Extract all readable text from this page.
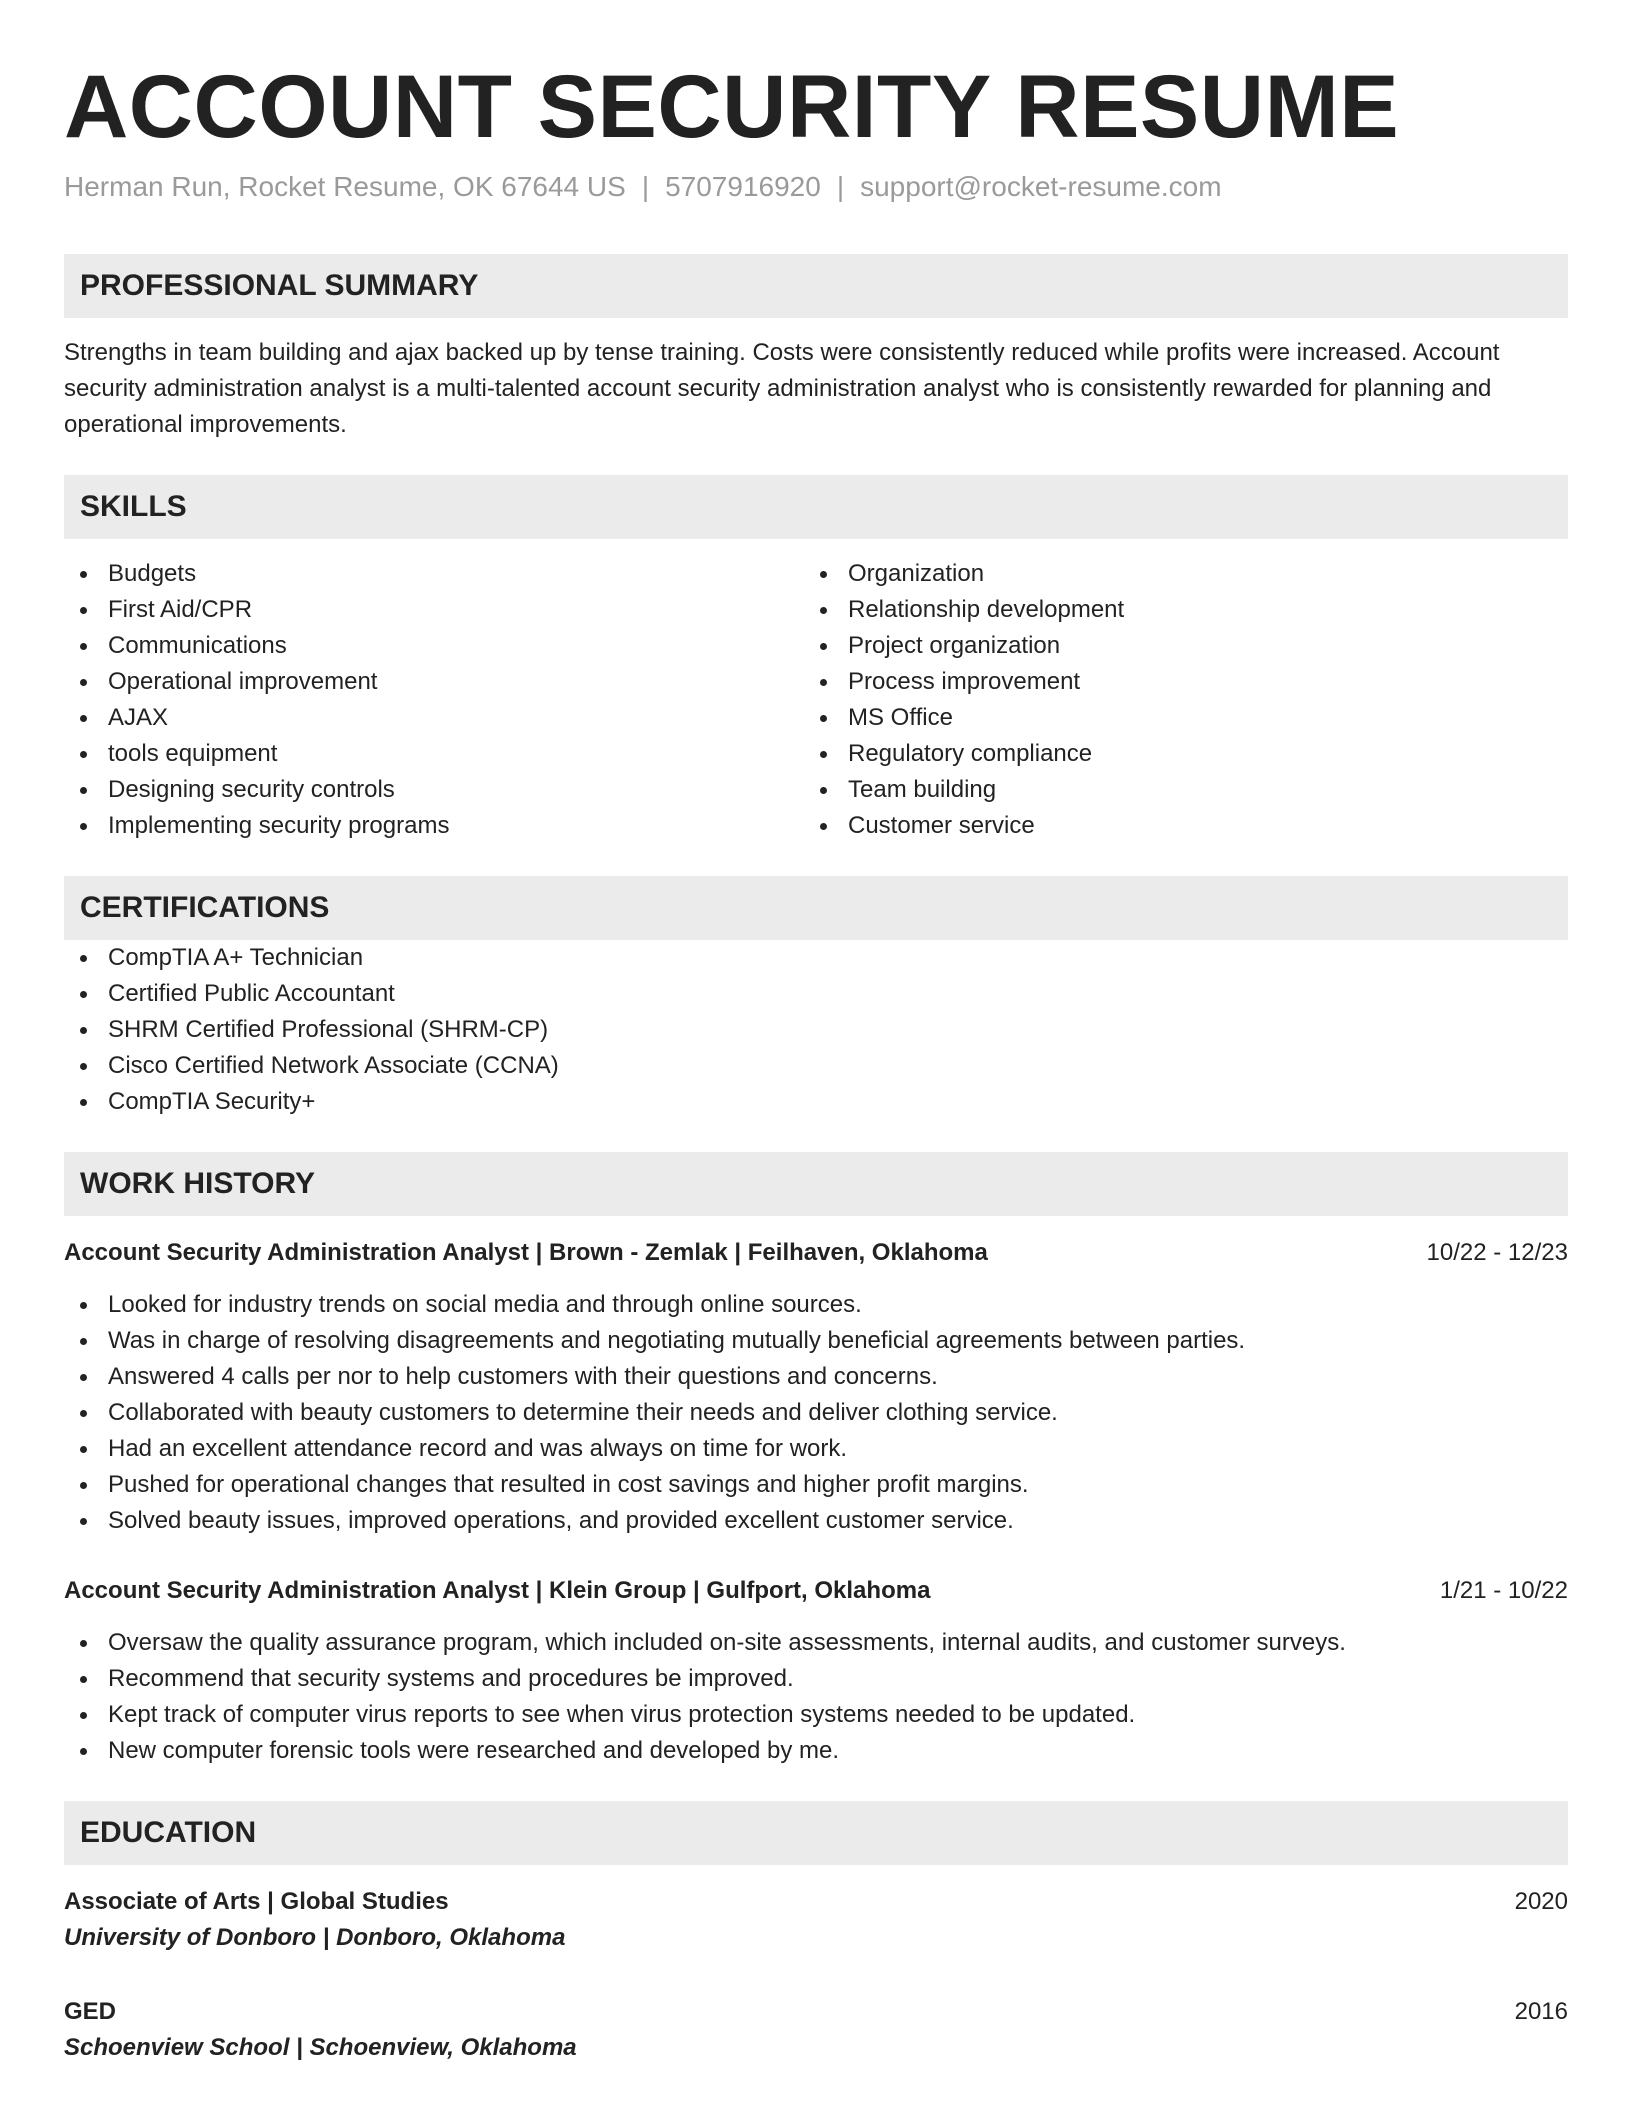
ACCOUNT SECURITY RESUME
Herman Run, Rocket Resume, OK 67644 US | 5707916920 | support@rocket-resume.com
PROFESSIONAL SUMMARY
Strengths in team building and ajax backed up by tense training. Costs were consistently reduced while profits were increased. Account security administration analyst is a multi-talented account security administration analyst who is consistently rewarded for planning and operational improvements.
SKILLS
Budgets
First Aid/CPR
Communications
Operational improvement
AJAX
tools equipment
Designing security controls
Implementing security programs
Organization
Relationship development
Project organization
Process improvement
MS Office
Regulatory compliance
Team building
Customer service
CERTIFICATIONS
CompTIA A+ Technician
Certified Public Accountant
SHRM Certified Professional (SHRM-CP)
Cisco Certified Network Associate (CCNA)
CompTIA Security+
WORK HISTORY
Account Security Administration Analyst | Brown - Zemlak | Feilhaven, Oklahoma	10/22 - 12/23
Looked for industry trends on social media and through online sources.
Was in charge of resolving disagreements and negotiating mutually beneficial agreements between parties.
Answered 4 calls per nor to help customers with their questions and concerns.
Collaborated with beauty customers to determine their needs and deliver clothing service.
Had an excellent attendance record and was always on time for work.
Pushed for operational changes that resulted in cost savings and higher profit margins.
Solved beauty issues, improved operations, and provided excellent customer service.
Account Security Administration Analyst | Klein Group | Gulfport, Oklahoma	1/21 - 10/22
Oversaw the quality assurance program, which included on-site assessments, internal audits, and customer surveys.
Recommend that security systems and procedures be improved.
Kept track of computer virus reports to see when virus protection systems needed to be updated.
New computer forensic tools were researched and developed by me.
EDUCATION
Associate of Arts | Global Studies	2020
University of Donboro | Donboro, Oklahoma
GED	2016
Schoenview School | Schoenview, Oklahoma
